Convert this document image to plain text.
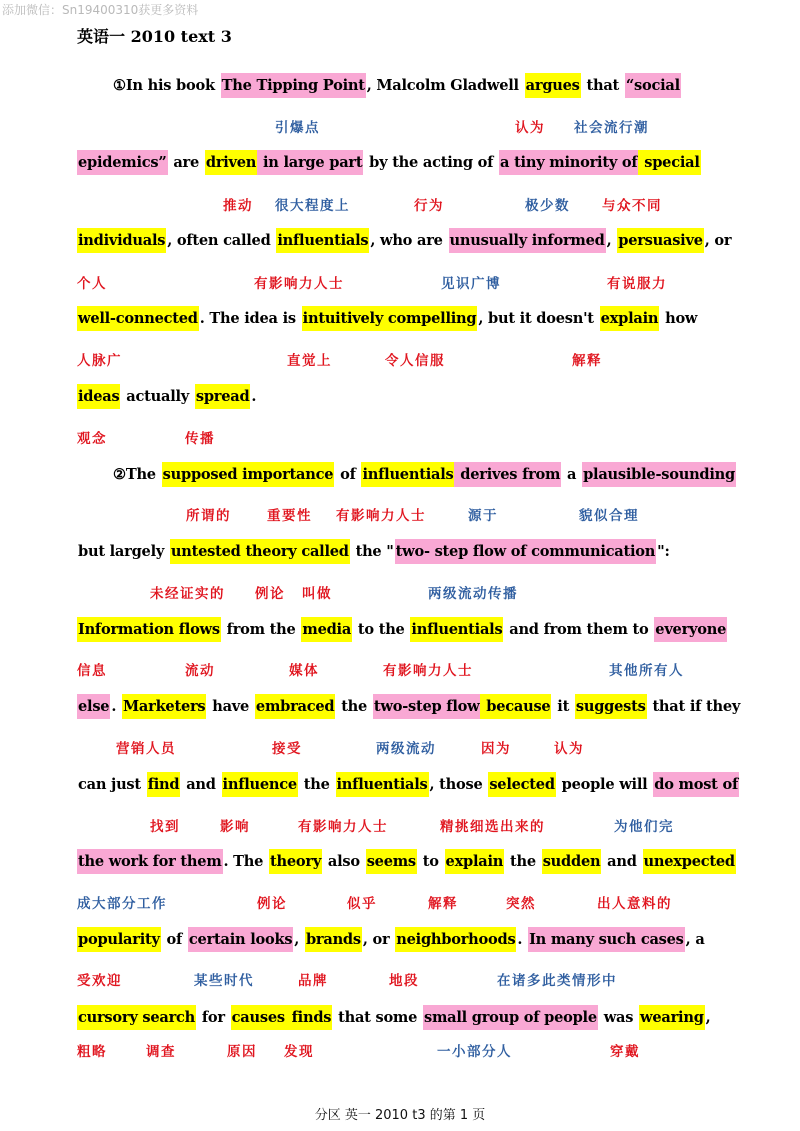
添加微信：Sn19400310获更多资料
英语一 2010 text 3
①In his book The Tipping Point , Malcolm Gladwell argues that “social
epidemics” are driven in large part by the acting of a tiny minority of special
individuals , often called influentials , who are unusually informed , persuasive , or
well-connected . The idea is intuitively compelling , but it doesn't explain how
ideas actually spread .
②The supposed importance of influentials derives from a plausible-sounding
but largely untested theory called the " two- step flow of communication ":
Information flows from the media to the influentials and from them to everyone
else . Marketers have embraced the two-step flow because it suggests that if they
can just find and influence the influentials , those selected people will do most of
the work for them . The theory also seems to explain the sudden and unexpected
popularity of certain looks , brands , or neighborhoods . In many such cases , a
cursory search for causes finds that some small group of people was wearing ,
引爆点	认为 社会流行潮
推动 很大程度上	行为	极少数 与众不同
个人	有影响力人士	见识广博	有说服力
人脉广	直觉上	令人信服	解释
观念	传播
所谓的	重要性 有影响力人士	源于	貌似合理
未经证实的 例论 叫做	两级流动传播
信息	流动	媒体	有影响力人士	其他所有人
营销人员	接受	两级流动	因为	认为
找到	影响	有影响力人士	精挑细选出来的	为他们完
成大部分工作	例论	似乎	解释	突然	出人意料的
受欢迎	某些时代	品牌	地段	在诸多此类情形中
粗略	调查	原因 发现	一小部分人	穿戴
分区 英一 2010 t3 的第 1 页
